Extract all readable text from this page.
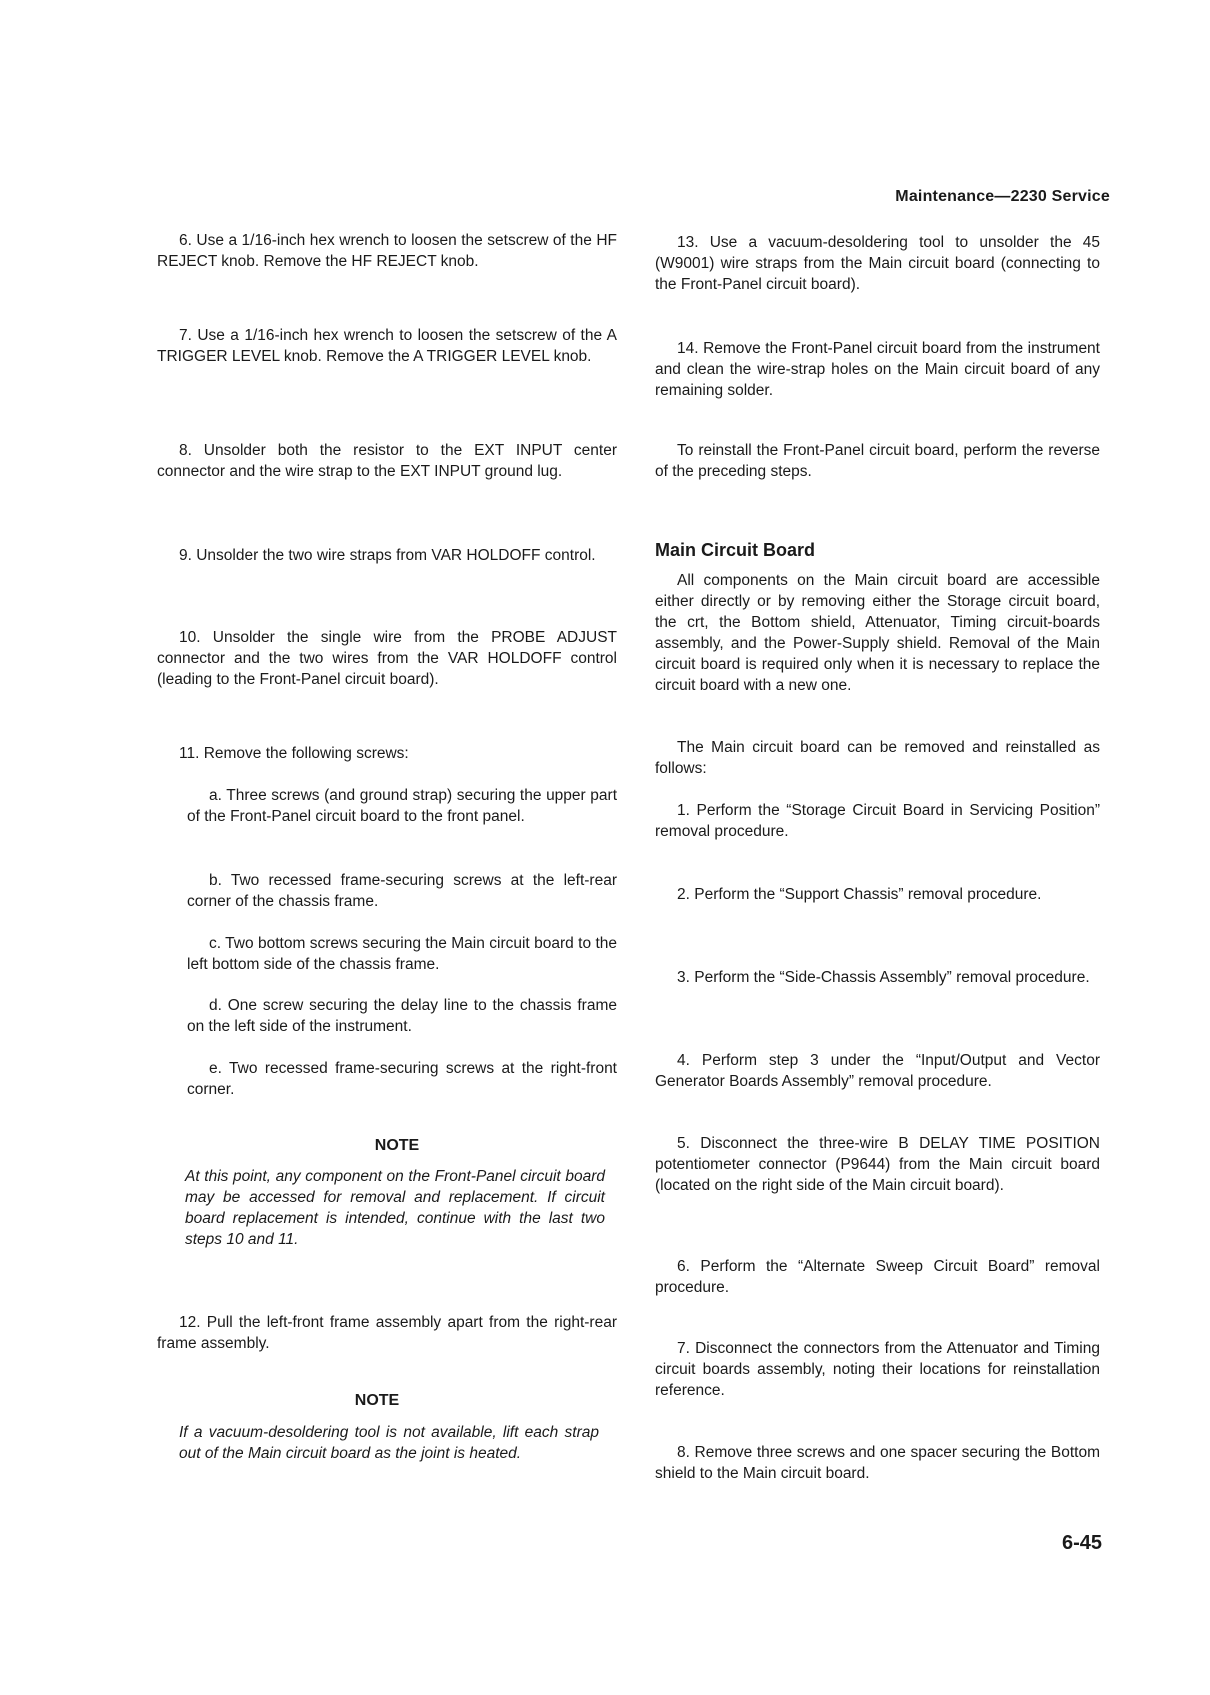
Maintenance—2230 Service

6. Use a 1/16-inch hex wrench to loosen the setscrew of the HF REJECT knob. Remove the HF REJECT knob.

7. Use a 1/16-inch hex wrench to loosen the setscrew of the A TRIGGER LEVEL knob. Remove the A TRIGGER LEVEL knob.

8. Unsolder both the resistor to the EXT INPUT center connector and the wire strap to the EXT INPUT ground lug.

9. Unsolder the two wire straps from VAR HOLDOFF control.

10. Unsolder the single wire from the PROBE ADJUST connector and the two wires from the VAR HOLDOFF control (leading to the Front-Panel circuit board).

11. Remove the following screws:

a. Three screws (and ground strap) securing the upper part of the Front-Panel circuit board to the front panel.

b. Two recessed frame-securing screws at the left-rear corner of the chassis frame.

c. Two bottom screws securing the Main circuit board to the left bottom side of the chassis frame.

d. One screw securing the delay line to the chassis frame on the left side of the instrument.

e. Two recessed frame-securing screws at the right-front corner.

NOTE

At this point, any component on the Front-Panel circuit board may be accessed for removal and replacement. If circuit board replacement is intended, continue with the last two steps 10 and 11.

12. Pull the left-front frame assembly apart from the right-rear frame assembly.

NOTE

If a vacuum-desoldering tool is not available, lift each strap out of the Main circuit board as the joint is heated.

13. Use a vacuum-desoldering tool to unsolder the 45 (W9001) wire straps from the Main circuit board (connecting to the Front-Panel circuit board).

14. Remove the Front-Panel circuit board from the instrument and clean the wire-strap holes on the Main circuit board of any remaining solder.

To reinstall the Front-Panel circuit board, perform the reverse of the preceding steps.

Main Circuit Board

All components on the Main circuit board are accessible either directly or by removing either the Storage circuit board, the crt, the Bottom shield, Attenuator, Timing circuit-boards assembly, and the Power-Supply shield. Removal of the Main circuit board is required only when it is necessary to replace the circuit board with a new one.

The Main circuit board can be removed and reinstalled as follows:

1. Perform the “Storage Circuit Board in Servicing Position” removal procedure.

2. Perform the “Support Chassis” removal procedure.

3. Perform the “Side-Chassis Assembly” removal procedure.

4. Perform step 3 under the “Input/Output and Vector Generator Boards Assembly” removal procedure.

5. Disconnect the three-wire B DELAY TIME POSITION potentiometer connector (P9644) from the Main circuit board (located on the right side of the Main circuit board).

6. Perform the “Alternate Sweep Circuit Board” removal procedure.

7. Disconnect the connectors from the Attenuator and Timing circuit boards assembly, noting their locations for reinstallation reference.

8. Remove three screws and one spacer securing the Bottom shield to the Main circuit board.

6-45
